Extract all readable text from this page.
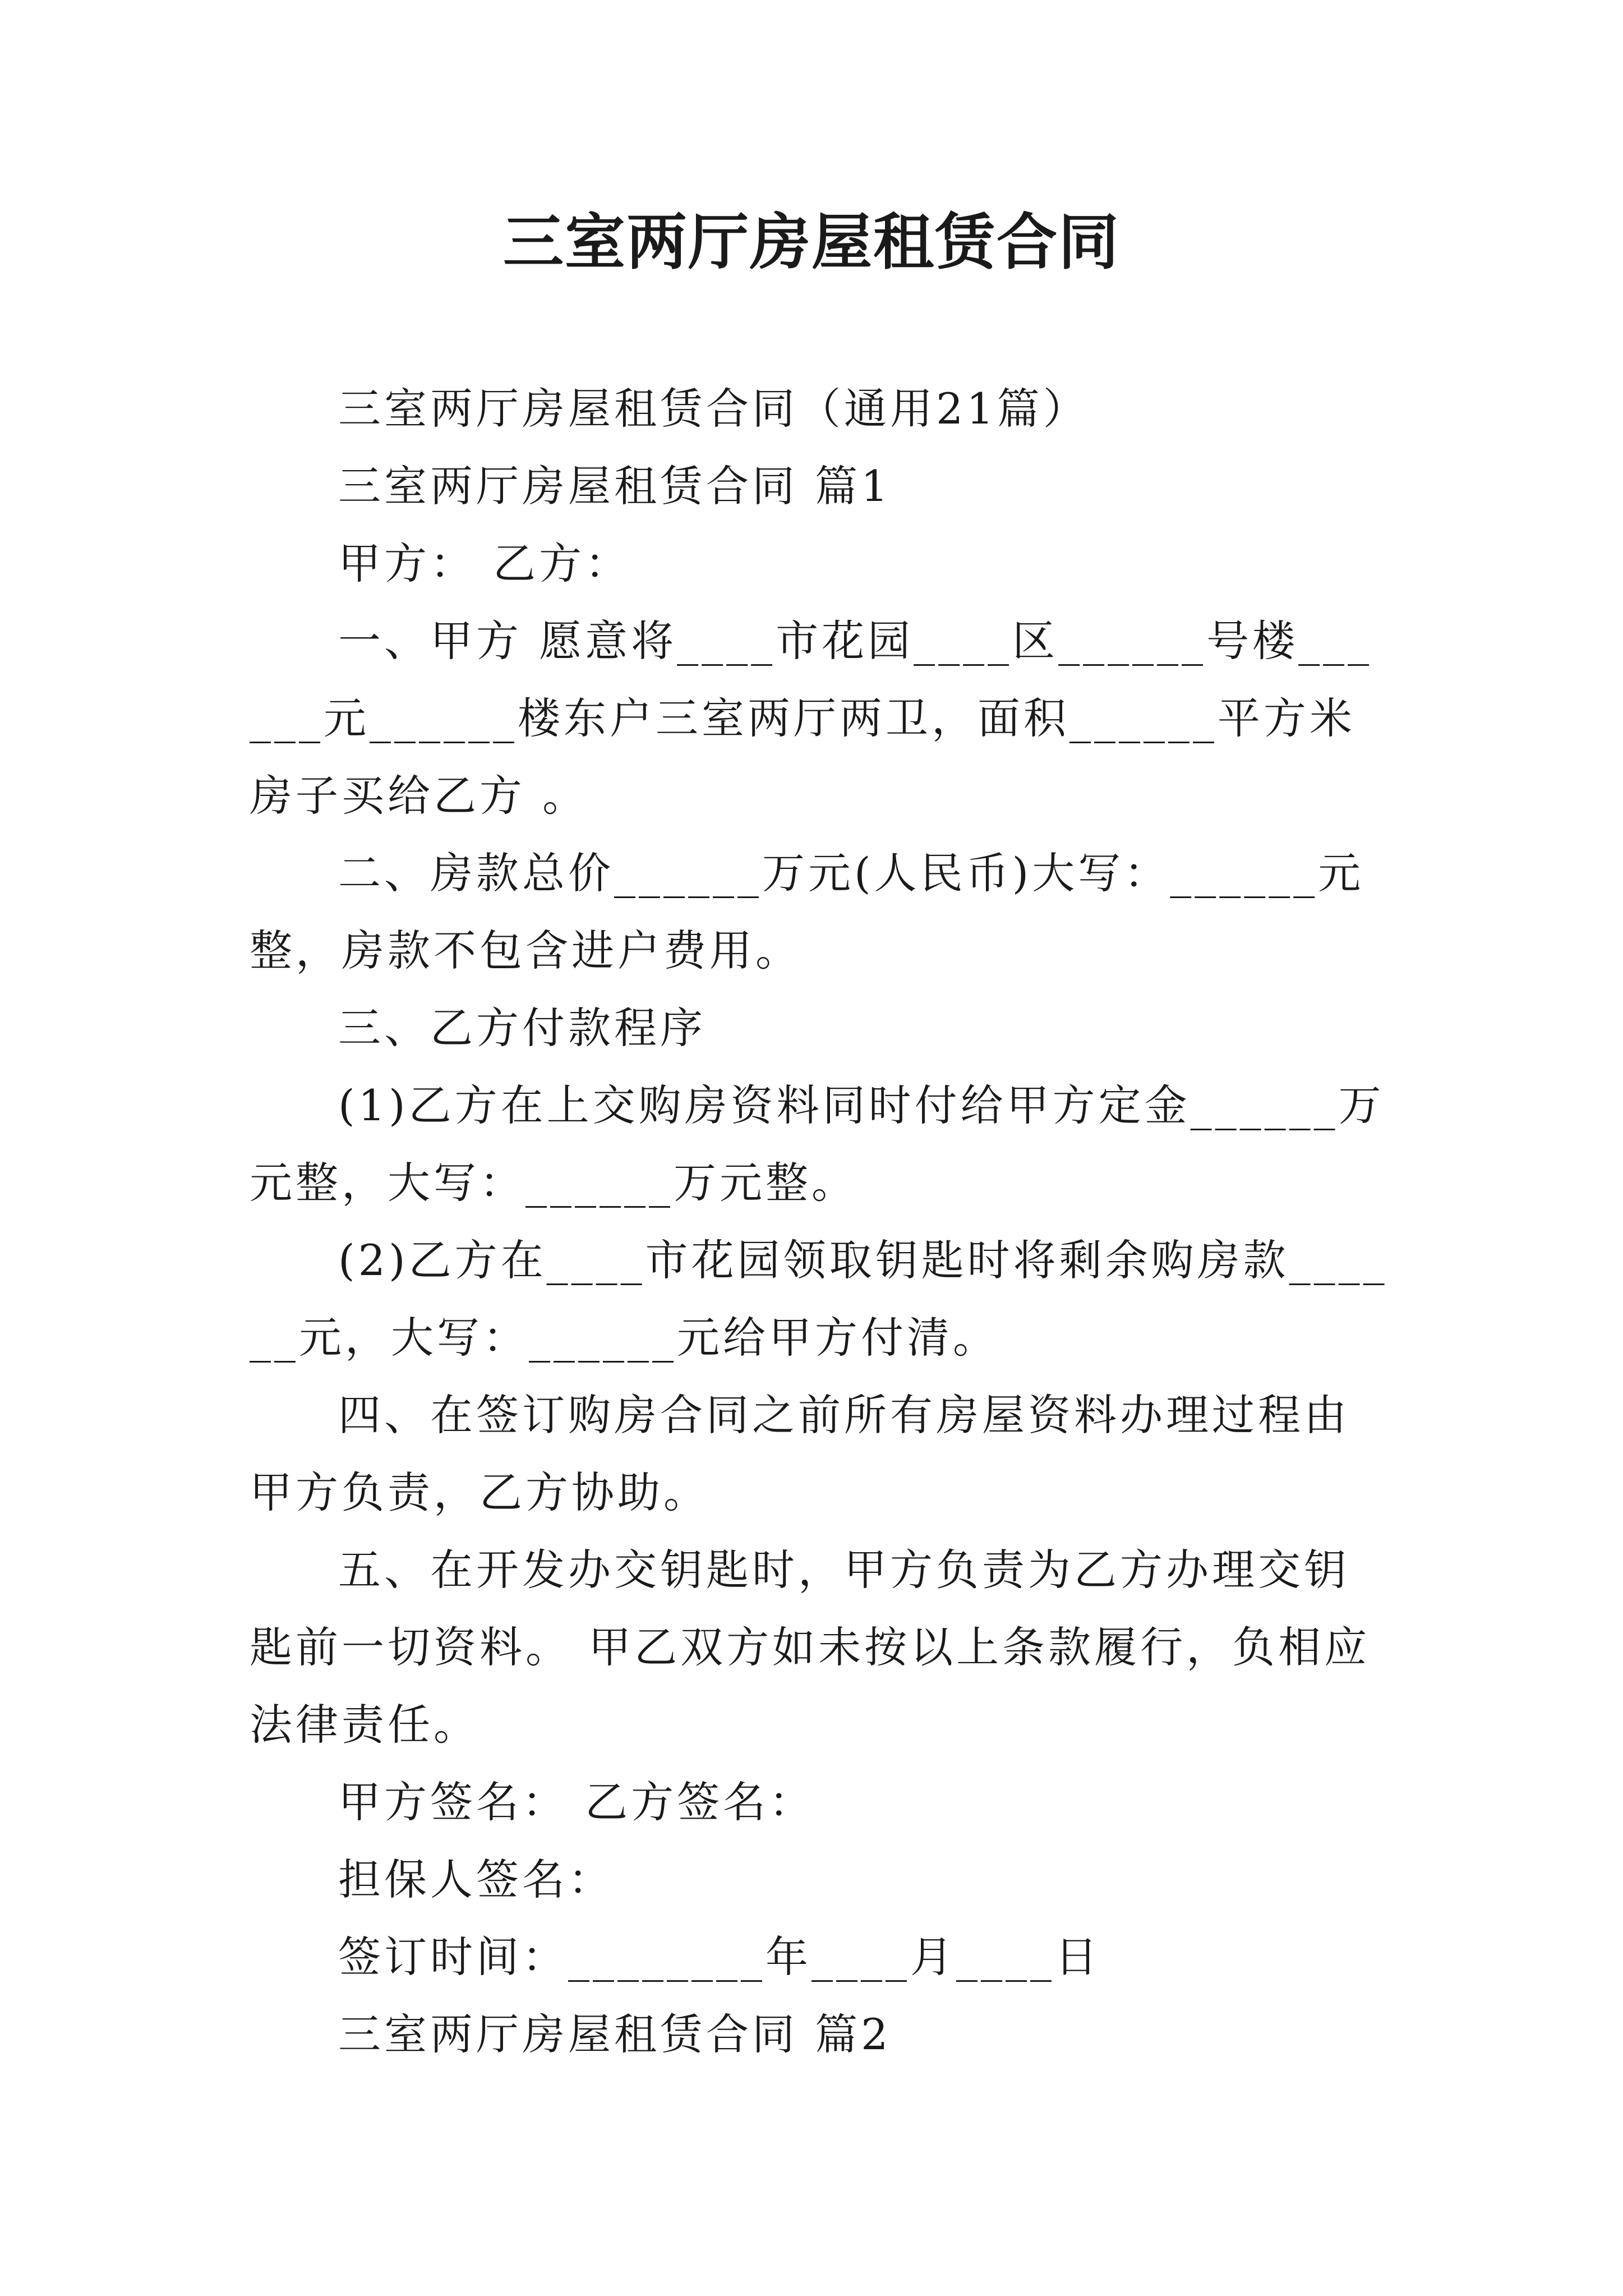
三室两厅房屋租赁合同

三室两厅房屋租赁合同（通用21篇）

三室两厅房屋租赁合同 篇1

甲方： 乙方：

一、甲方 愿意将____市花园____区______号楼______元______楼东户三室两厅两卫，面积______平方米房子买给乙方 。

二、房款总价______万元(人民币)大写：______元整，房款不包含进户费用。

三、乙方付款程序

(1)乙方在上交购房资料同时付给甲方定金______万元整，大写：______万元整。

(2)乙方在____市花园领取钥匙时将剩余购房款______元，大写：______元给甲方付清。

四、在签订购房合同之前所有房屋资料办理过程由甲方负责，乙方协助。

五、在开发办交钥匙时，甲方负责为乙方办理交钥匙前一切资料。 甲乙双方如未按以上条款履行，负相应法律责任。

甲方签名： 乙方签名：

担保人签名：

签订时间：________年____月____日

三室两厅房屋租赁合同 篇2
